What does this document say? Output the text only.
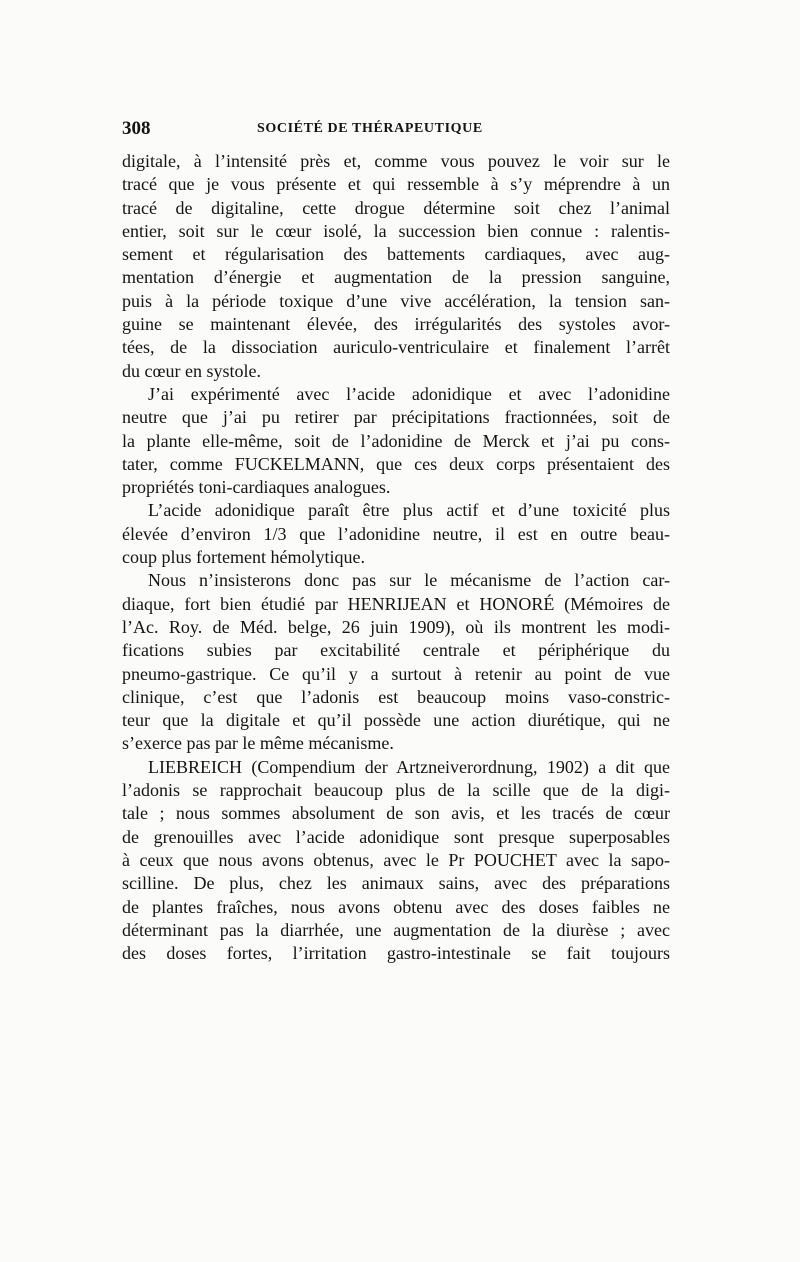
308	SOCIÉTÉ DE THÉRAPEUTIQUE
digitale, à l’intensité près et, comme vous pouvez le voir sur le
tracé que je vous présente et qui ressemble à s’y méprendre à un
tracé de digitaline, cette drogue détermine soit chez l’animal
entier, soit sur le cœur isolé, la succession bien connue : ralentis-
sement et régularisation des battements cardiaques, avec aug-
mentation d’énergie et augmentation de la pression sanguine,
puis à la période toxique d’une vive accélération, la tension san-
guine se maintenant élevée, des irrégularités des systoles avor-
tées, de la dissociation auriculo-ventriculaire et finalement l’arrêt
du cœur en systole.
J’ai expérimenté avec l’acide adonidique et avec l’adonidine
neutre que j’ai pu retirer par précipitations fractionnées, soit de
la plante elle-même, soit de l’adonidine de Merck et j’ai pu cons-
tater, comme FUCKELMANN, que ces deux corps présentaient des
propriétés toni-cardiaques analogues.
L’acide adonidique paraît être plus actif et d’une toxicité plus
élevée d’environ 1/3 que l’adonidine neutre, il est en outre beau-
coup plus fortement hémolytique.
Nous n’insisterons donc pas sur le mécanisme de l’action car-
diaque, fort bien étudié par HENRIJEAN et HONORÉ (Mémoires de
l’Ac. Roy. de Méd. belge, 26 juin 1909), où ils montrent les modi-
fications subies par excitabilité centrale et périphérique du
pneumo-gastrique. Ce qu’il y a surtout à retenir au point de vue
clinique, c’est que l’adonis est beaucoup moins vaso-constric-
teur que la digitale et qu’il possède une action diurétique, qui ne
s’exerce pas par le même mécanisme.
LIEBREICH (Compendium der Artzneiverordnung, 1902) a dit que
l’adonis se rapprochait beaucoup plus de la scille que de la digi-
tale ; nous sommes absolument de son avis, et les tracés de cœur
de grenouilles avec l’acide adonidique sont presque superposables
à ceux que nous avons obtenus, avec le Pr POUCHET avec la sapo-
scilline. De plus, chez les animaux sains, avec des préparations
de plantes fraîches, nous avons obtenu avec des doses faibles ne
déterminant pas la diarrhée, une augmentation de la diurèse ; avec
des doses fortes, l’irritation gastro-intestinale se fait toujours
